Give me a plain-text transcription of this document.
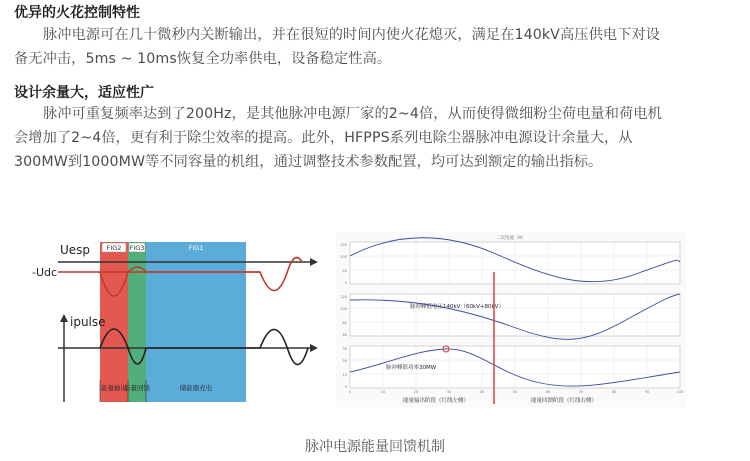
优异的火花控制特性
脉冲电源可在几十微秒内关断输出，并在很短的时间内使火花熄灭，满足在140kV高压供电下对设
备无冲击，5ms ~ 10ms恢复全功率供电，设备稳定性高。
设计余量大，适应性广
脉冲可重复频率达到了200Hz，是其他脉冲电源厂家的2~4倍，从而使得微细粉尘荷电量和荷电机
会增加了2~4倍，更有利于除尘效率的提高。此外，HFPPS系列电除尘器脉冲电源设计余量大，从
300MW到1000MW等不同容量的机组，通过调整技术参数配置，均可达到额定的输出指标。
FIG2 FIG3	FIG1
Uesp
-Udc
ipulse
能量输出
能量回馈	储能器充电
二次电流（A）
150
100
50
0
120
100
80
60
脉冲峰值电压140kV（60kV+80kV）
30
20
10
0
脉冲峰值功率30MW
0	10	20	30	40	50	60	70	80	90	100
能量输出阶段（红线左侧）	能量回馈阶段（红线右侧）
脉冲电源能量回馈机制
